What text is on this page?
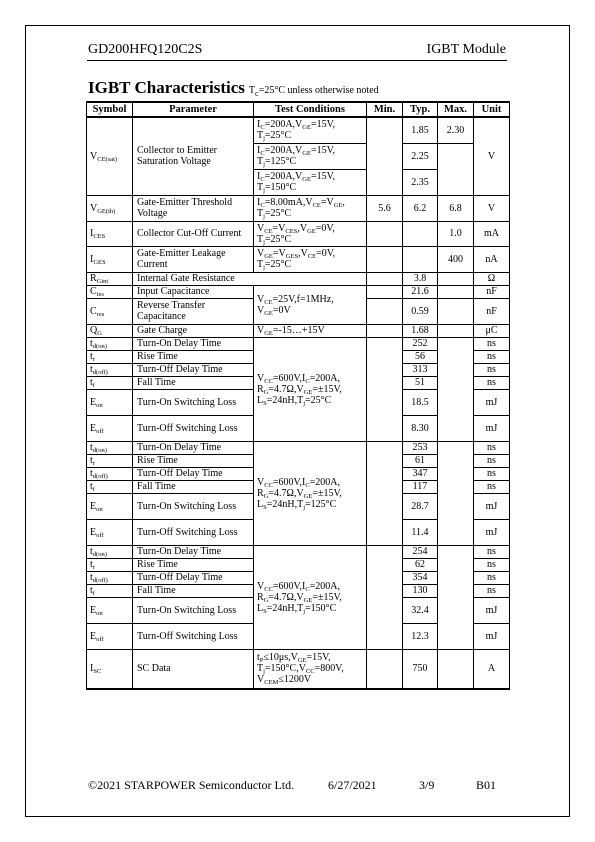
GD200HFQ120C2S	IGBT Module
IGBT Characteristics $T_c=25^\circ C$ unless otherwise noted
Symbol	Parameter	Test Conditions	Min.	Typ.	Max.	Unit
$V_{CE(sat)}$	Collector to Emitter Saturation Voltage	$I_C=200A,V_{GE}=15V$, $T_j=25^\circ C$		1.85	2.30	V
		$I_C=200A,V_{GE}=15V$, $T_j=125^\circ C$		2.25		
		$I_C=200A,V_{GE}=15V$, $T_j=150^\circ C$		2.35		
$V_{GE(th)}$	Gate-Emitter Threshold Voltage	$I_C=8.00mA,V_{CE}=V_{GE}$, $T_j=25^\circ C$	5.6	6.2	6.8	V
$I_{CES}$	Collector Cut-Off Current	$V_{CE}=V_{CES},V_{GE}=0V$, $T_j=25^\circ C$			1.0	mA
$I_{GES}$	Gate-Emitter Leakage Current	$V_{GE}=V_{GES},V_{CE}=0V$, $T_j=25^\circ C$			400	nA
$R_{Gint}$	Internal Gate Resistance			3.8		Ω
$C_{ies}$	Input Capacitance	$V_{CE}=25V,f=1MHz$, $V_{GE}=0V$		21.6		nF
$C_{res}$	Reverse Transfer Capacitance			0.59		nF
$Q_G$	Gate Charge	$V_{GE}=-15\dots+15V$		1.68		μC
$t_{d(on)}$	Turn-On Delay Time	$V_{CC}=600V,I_C=200A$, $R_G=4.7\Omega,V_{GE}=\pm 15V$, $L_S=24nH,T_j=25^\circ C$		252		ns
$t_r$	Rise Time			56		ns
$t_{d(off)}$	Turn-Off Delay Time			313		ns
$t_f$	Fall Time			51		ns
$E_{on}$	Turn-On Switching Loss			18.5		mJ
$E_{off}$	Turn-Off Switching Loss			8.30		mJ
$t_{d(on)}$	Turn-On Delay Time	$V_{CC}=600V,I_C=200A$, $R_G=4.7\Omega,V_{GE}=\pm 15V$, $L_S=24nH,T_j=125^\circ C$		253		ns
$t_r$	Rise Time			61		ns
$t_{d(off)}$	Turn-Off Delay Time			347		ns
$t_f$	Fall Time			117		ns
$E_{on}$	Turn-On Switching Loss			28.7		mJ
$E_{off}$	Turn-Off Switching Loss			11.4		mJ
$t_{d(on)}$	Turn-On Delay Time	$V_{CC}=600V,I_C=200A$, $R_G=4.7\Omega,V_{GE}=\pm 15V$, $L_S=24nH,T_j=150^\circ C$		254		ns
$t_r$	Rise Time			62		ns
$t_{d(off)}$	Turn-Off Delay Time			354		ns
$t_f$	Fall Time			130		ns
$E_{on}$	Turn-On Switching Loss			32.4		mJ
$E_{off}$	Turn-Off Switching Loss			12.3		mJ
$I_{SC}$	SC Data	$t_P\le 10\mu s,V_{GE}=15V$, $T_j=150^\circ C,V_{CC}=800V$, $V_{CEM}\le 1200V$		750		A
©2021 STARPOWER Semiconductor Ltd.	6/27/2021	3/9	B01
